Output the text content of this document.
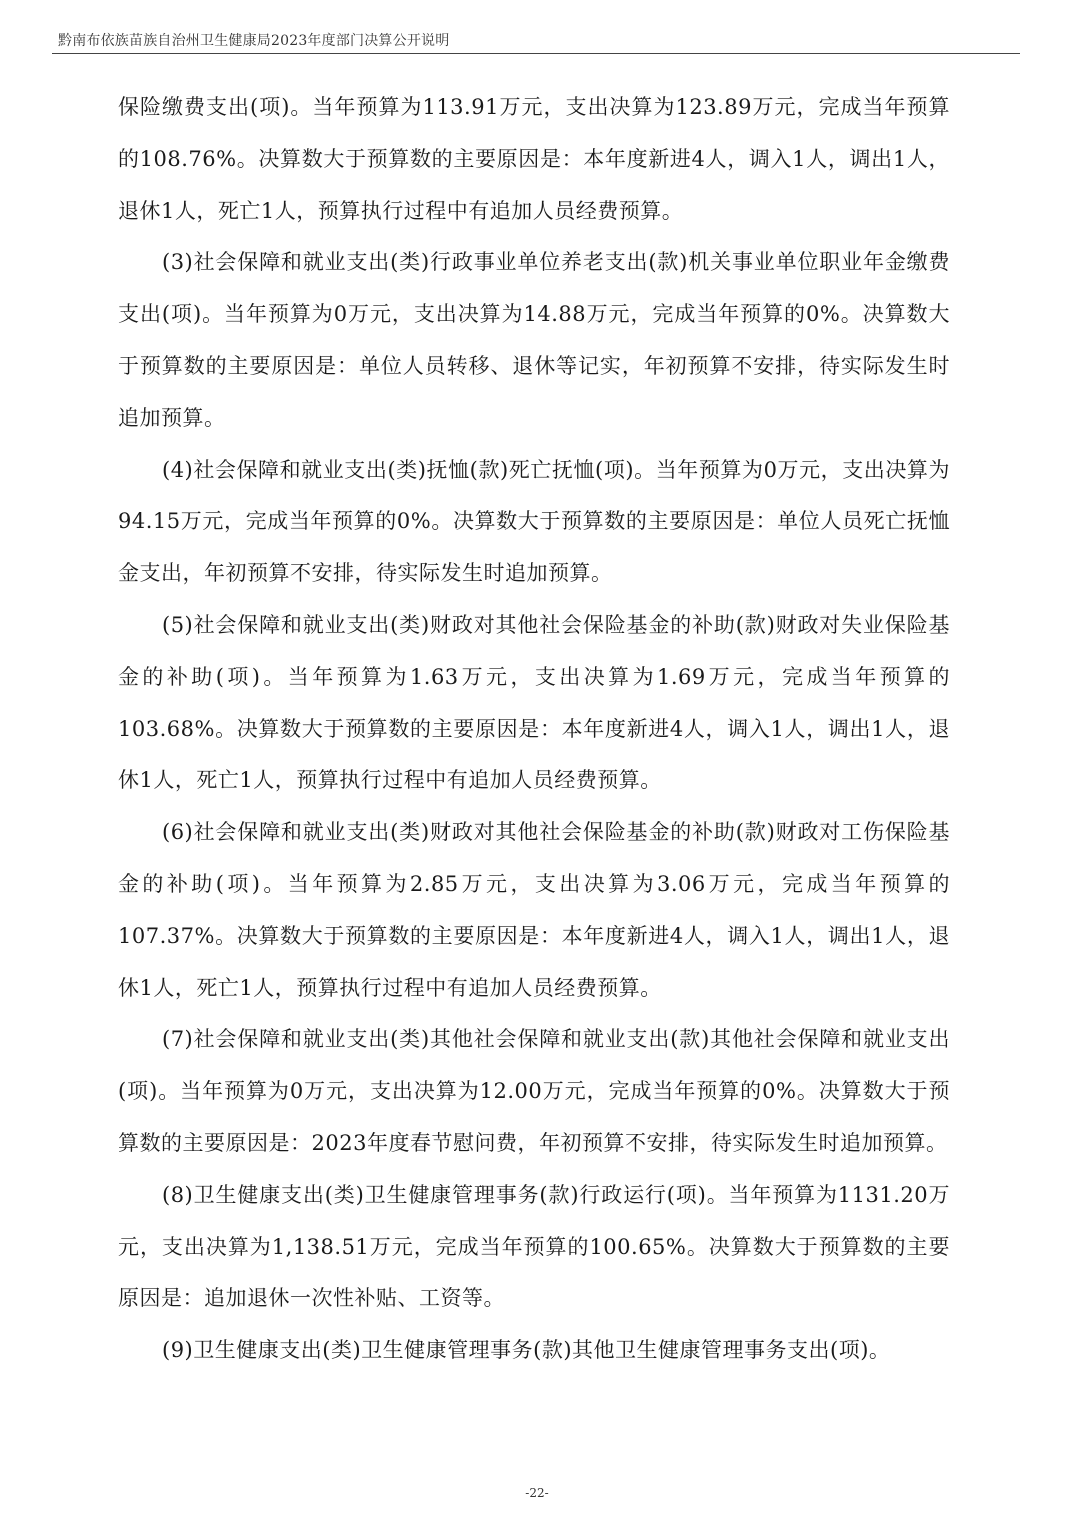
黔南布依族苗族自治州卫生健康局2023年度部门决算公开说明

保险缴费支出(项)。当年预算为113.91万元，支出决算为123.89万元，完成当年预算的108.76%。决算数大于预算数的主要原因是：本年度新进4人，调入1人，调出1人，退休1人，死亡1人，预算执行过程中有追加人员经费预算。

(3)社会保障和就业支出(类)行政事业单位养老支出(款)机关事业单位职业年金缴费支出(项)。当年预算为0万元，支出决算为14.88万元，完成当年预算的0%。决算数大于预算数的主要原因是：单位人员转移、退休等记实，年初预算不安排，待实际发生时追加预算。

(4)社会保障和就业支出(类)抚恤(款)死亡抚恤(项)。当年预算为0万元，支出决算为94.15万元，完成当年预算的0%。决算数大于预算数的主要原因是：单位人员死亡抚恤金支出，年初预算不安排，待实际发生时追加预算。

(5)社会保障和就业支出(类)财政对其他社会保险基金的补助(款)财政对失业保险基金的补助(项)。当年预算为1.63万元，支出决算为1.69万元，完成当年预算的103.68%。决算数大于预算数的主要原因是：本年度新进4人，调入1人，调出1人，退休1人，死亡1人，预算执行过程中有追加人员经费预算。

(6)社会保障和就业支出(类)财政对其他社会保险基金的补助(款)财政对工伤保险基金的补助(项)。当年预算为2.85万元，支出决算为3.06万元，完成当年预算的107.37%。决算数大于预算数的主要原因是：本年度新进4人，调入1人，调出1人，退休1人，死亡1人，预算执行过程中有追加人员经费预算。

(7)社会保障和就业支出(类)其他社会保障和就业支出(款)其他社会保障和就业支出(项)。当年预算为0万元，支出决算为12.00万元，完成当年预算的0%。决算数大于预算数的主要原因是：2023年度春节慰问费，年初预算不安排，待实际发生时追加预算。

(8)卫生健康支出(类)卫生健康管理事务(款)行政运行(项)。当年预算为1131.20万元，支出决算为1,138.51万元，完成当年预算的100.65%。决算数大于预算数的主要原因是：追加退休一次性补贴、工资等。

(9)卫生健康支出(类)卫生健康管理事务(款)其他卫生健康管理事务支出(项)。

-22-
